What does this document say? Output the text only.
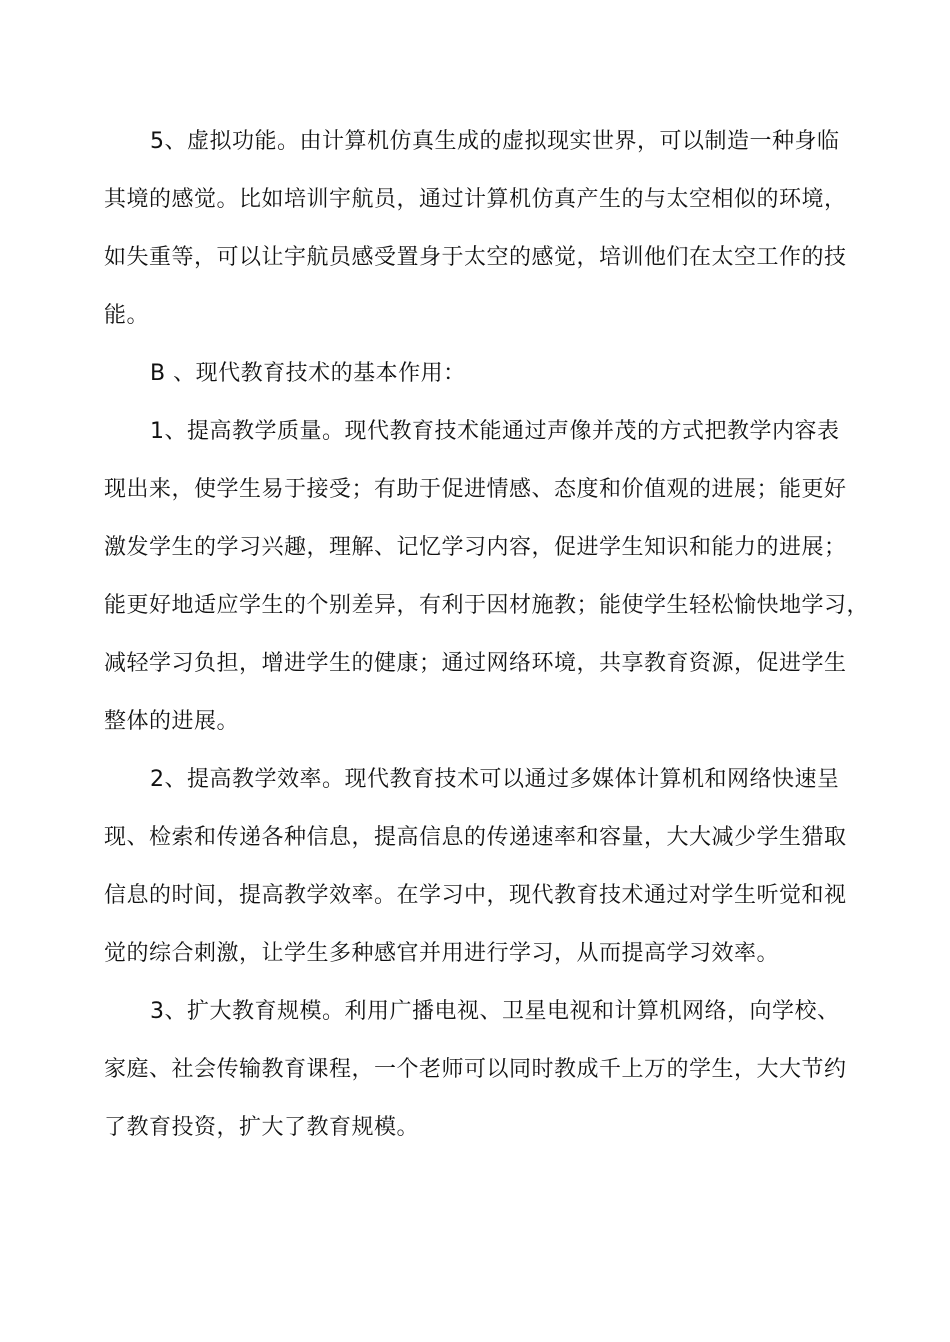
5、虚拟功能。由计算机仿真生成的虚拟现实世界，可以制造一种身临
其境的感觉。比如培训宇航员，通过计算机仿真产生的与太空相似的环境，
如失重等，可以让宇航员感受置身于太空的感觉，培训他们在太空工作的技
能。
B 、现代教育技术的基本作用：
1、提高教学质量。现代教育技术能通过声像并茂的方式把教学内容表
现出来，使学生易于接受；有助于促进情感、态度和价值观的进展；能更好
激发学生的学习兴趣，理解、记忆学习内容，促进学生知识和能力的进展；
能更好地适应学生的个别差异，有利于因材施教；能使学生轻松愉快地学习，
减轻学习负担，增进学生的健康；通过网络环境，共享教育资源，促进学生
整体的进展。
2、提高教学效率。现代教育技术可以通过多媒体计算机和网络快速呈
现、检索和传递各种信息，提高信息的传递速率和容量，大大减少学生猎取
信息的时间，提高教学效率。在学习中，现代教育技术通过对学生听觉和视
觉的综合刺激，让学生多种感官并用进行学习，从而提高学习效率。
3、扩大教育规模。利用广播电视、卫星电视和计算机网络，向学校、
家庭、社会传输教育课程，一个老师可以同时教成千上万的学生，大大节约
了教育投资，扩大了教育规模。
